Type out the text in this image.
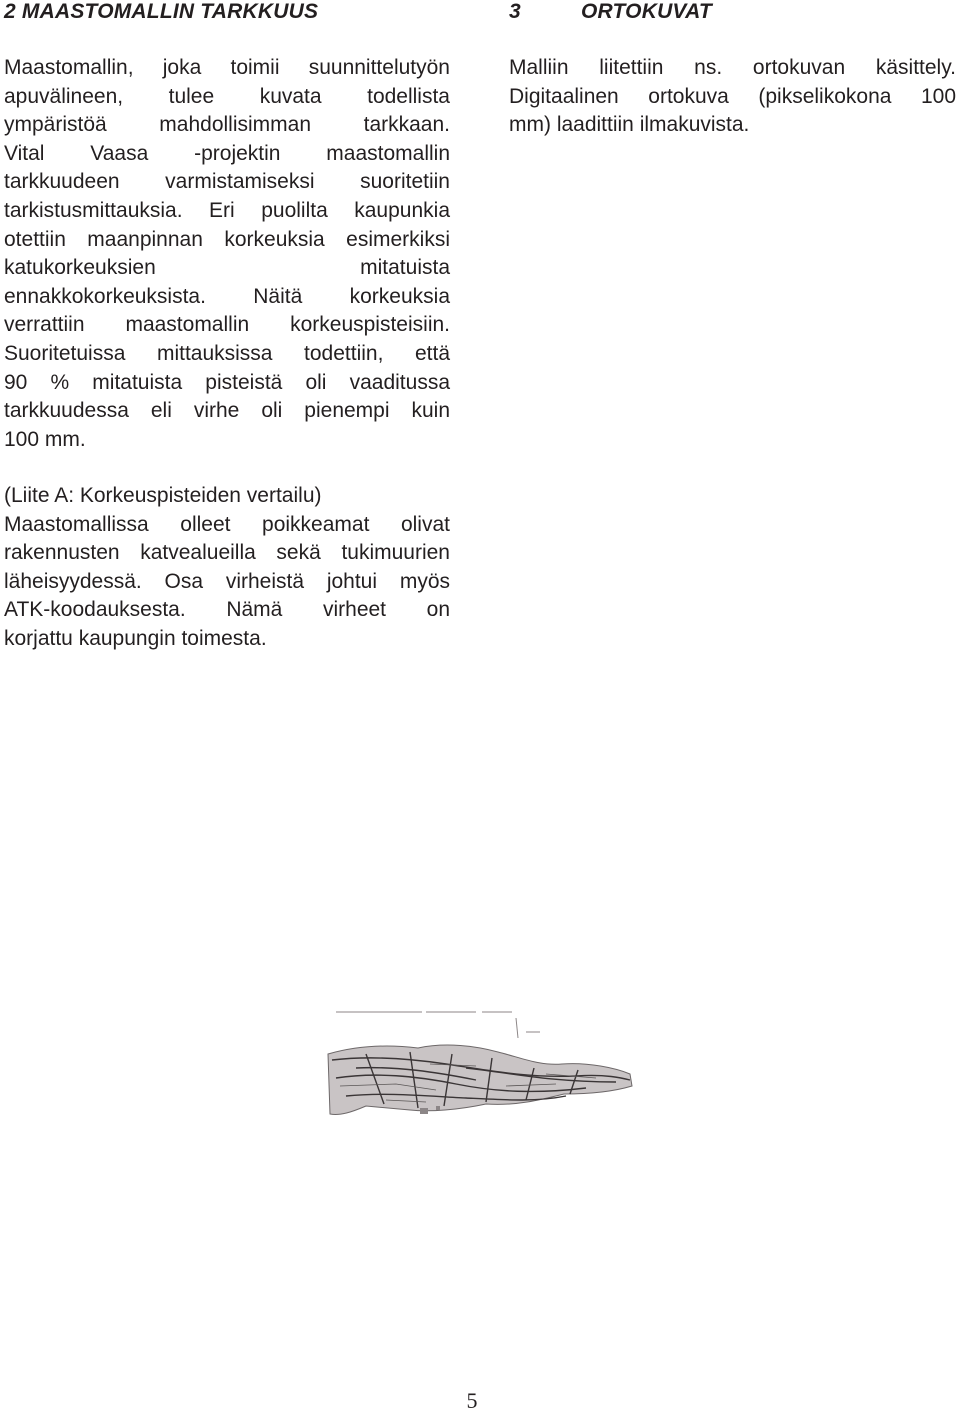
2 MAASTOMALLIN TARKKUUS	3	ORTOKUVAT
Maastomallin, joka toimii suunnittelutyön
apuvälineen, tulee kuvata todellista
ympäristöä mahdollisimman tarkkaan.
Vital Vaasa -projektin maastomallin
tarkkuudeen varmistamiseksi suoritetiin
tarkistusmittauksia. Eri puolilta kaupunkia
otettiin maanpinnan korkeuksia esimerkiksi
katukorkeuksien mitatuista
ennakkokorkeuksista. Näitä korkeuksia
verrattiin maastomallin korkeuspisteisiin.
Suoritetuissa mittauksissa todettiin, että
90 % mitatuista pisteistä oli vaaditussa
tarkkuudessa eli virhe oli pienempi kuin
100 mm.
(Liite A: Korkeuspisteiden vertailu)
Maastomallissa olleet poikkeamat olivat
rakennusten katvealueilla sekä tukimuurien
läheisyydessä. Osa virheistä johtui myös
ATK-koodauksesta. Nämä virheet on
korjattu kaupungin toimesta.
Malliin liitettiin ns. ortokuvan käsittely.
Digitaalinen ortokuva (pikselikokona 100
mm) laadittiin ilmakuvista.
5
